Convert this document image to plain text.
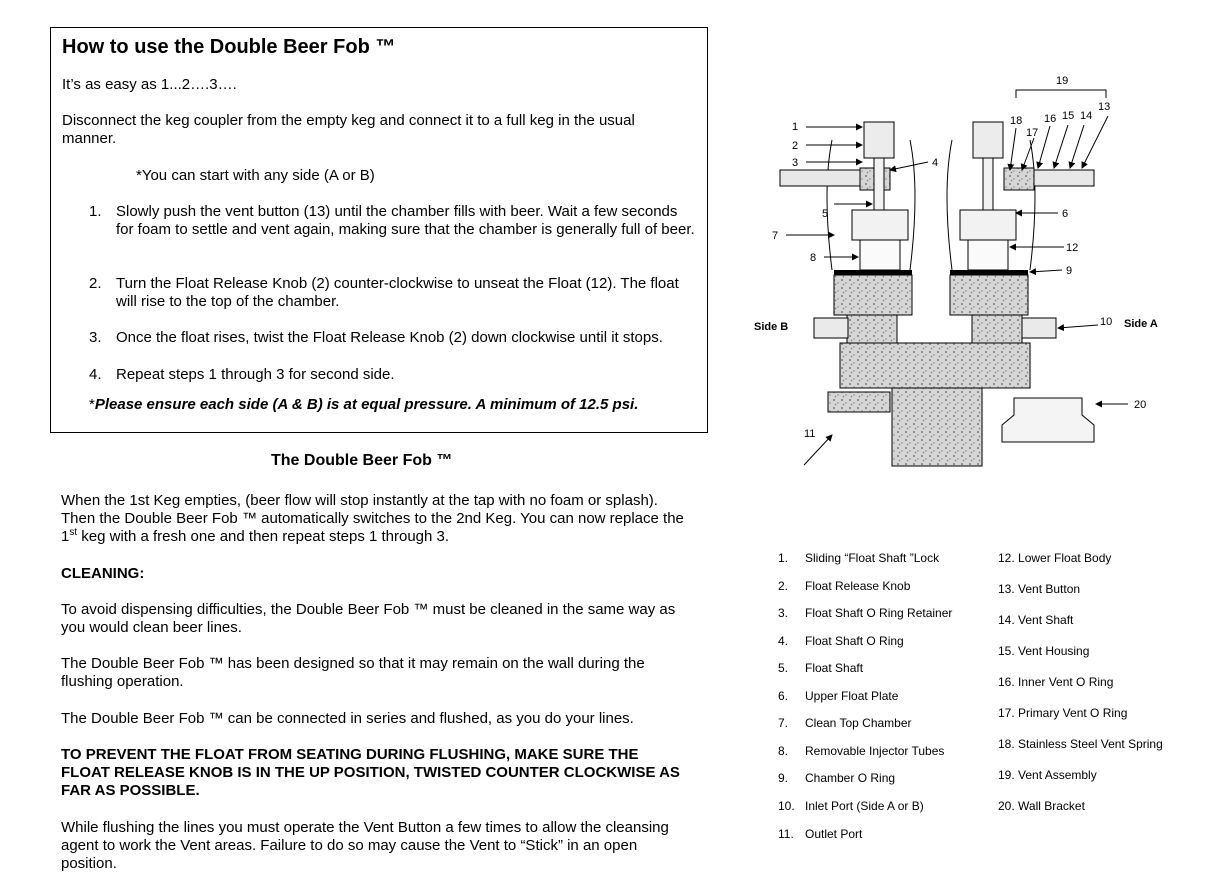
How to use the Double Beer Fob ™

It’s as easy as 1...2….3….

Disconnect the keg coupler from the empty keg and connect it to a full keg in the usual manner.

*You can start with any side (A or B)

1. Slowly push the vent button (13) until the chamber fills with beer. Wait a few seconds for foam to settle and vent again, making sure that the chamber is generally full of beer.
2. Turn the Float Release Knob (2) counter-clockwise to unseat the Float (12). The float will rise to the top of the chamber.
3. Once the float rises, twist the Float Release Knob (2) down clockwise until it stops.
4. Repeat steps 1 through 3 for second side.

*Please ensure each side (A & B) is at equal pressure. A minimum of 12.5 psi.

The Double Beer Fob ™

When the 1st Keg empties, (beer flow will stop instantly at the tap with no foam or splash). Then the Double Beer Fob ™ automatically switches to the 2nd Keg. You can now replace the 1st keg with a fresh one and then repeat steps 1 through 3.

CLEANING:

To avoid dispensing difficulties, the Double Beer Fob ™ must be cleaned in the same way as you would clean beer lines.

The Double Beer Fob ™ has been designed so that it may remain on the wall during the flushing operation.

The Double Beer Fob ™ can be connected in series and flushed, as you do your lines.

TO PREVENT THE FLOAT FROM SEATING DURING FLUSHING, MAKE SURE THE FLOAT RELEASE KNOB IS IN THE UP POSITION, TWISTED COUNTER CLOCKWISE AS FAR AS POSSIBLE.

While flushing the lines you must operate the Vent Button a few times to allow the cleansing agent to work the Vent areas. Failure to do so may cause the Vent to “Stick” in an open position.

1
2
3	4
5	6
7
8
9
10
11
12
13
14
15
16
17
18
19
20
Side B	Side A
1. Sliding “Float Shaft ”Lock
2. Float Release Knob
3. Float Shaft O Ring Retainer
4. Float Shaft O Ring
5. Float Shaft
6. Upper Float Plate
7. Clean Top Chamber
8. Removable Injector Tubes
9. Chamber O Ring
10. Inlet Port (Side A or B)
11. Outlet Port
12. Lower Float Body
13. Vent Button
14. Vent Shaft
15. Vent Housing
16. Inner Vent O Ring
17. Primary Vent O Ring
18. Stainless Steel Vent Spring
19. Vent Assembly
20. Wall Bracket
